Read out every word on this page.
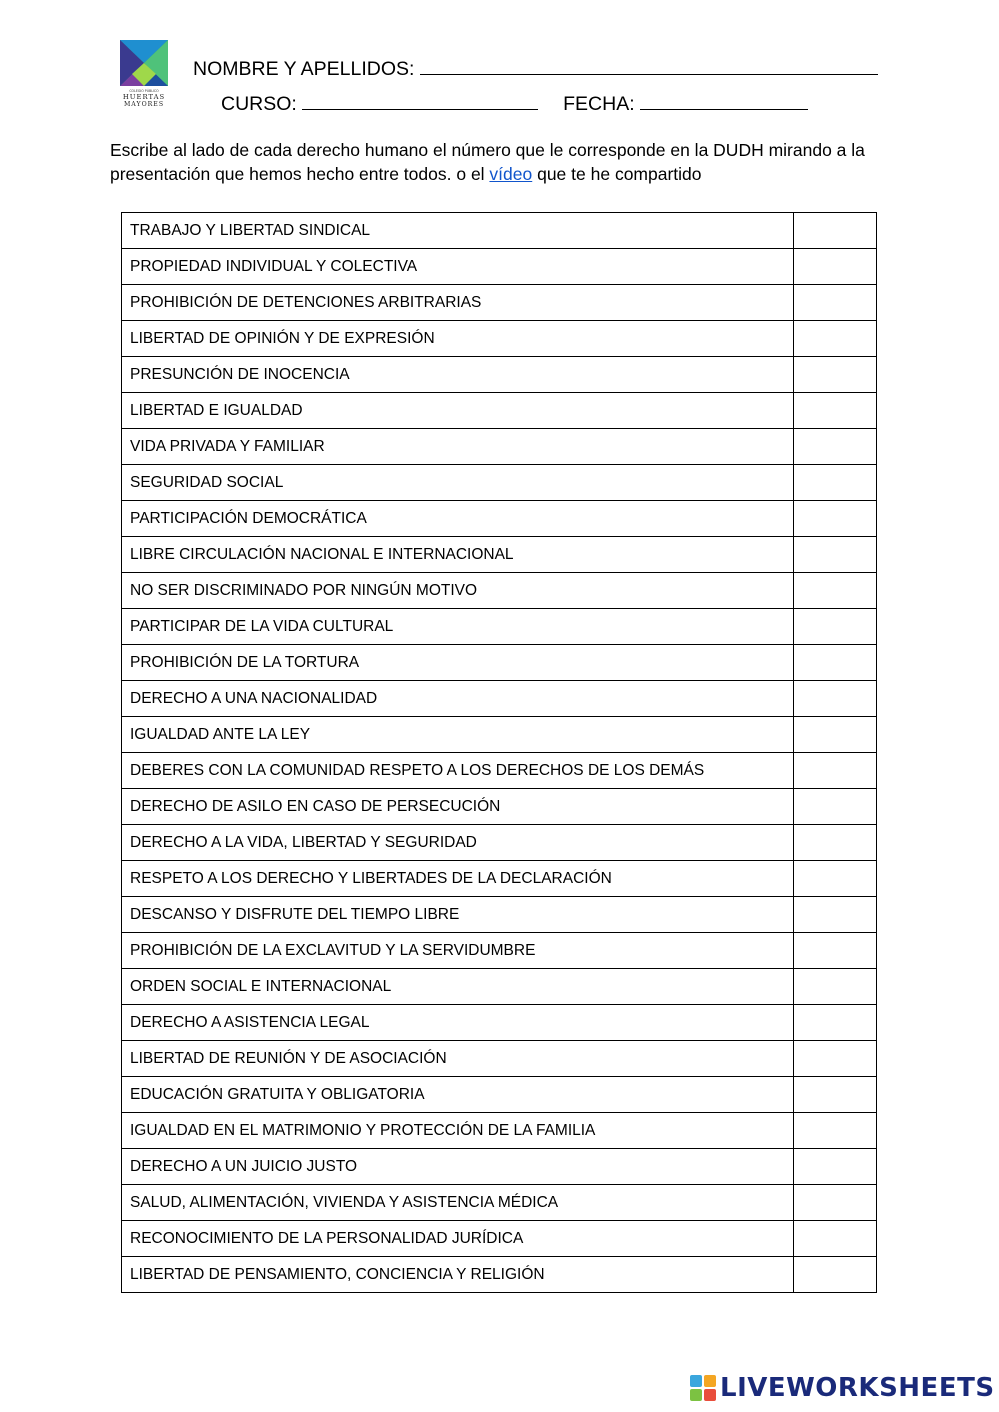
COLEGIO PÚBLICO
HUERTAS
MAYORES
NOMBRE Y APELLIDOS:
CURSO:	FECHA:
Escribe al lado de cada derecho humano el número que le corresponde en la DUDH mirando a la presentación que hemos hecho entre todos. o el vídeo que te he compartido
TRABAJO Y LIBERTAD SINDICAL	
PROPIEDAD INDIVIDUAL Y COLECTIVA	
PROHIBICIÓN DE DETENCIONES ARBITRARIAS	
LIBERTAD DE OPINIÓN Y DE EXPRESIÓN	
PRESUNCIÓN DE INOCENCIA	
LIBERTAD E IGUALDAD	
VIDA PRIVADA Y FAMILIAR	
SEGURIDAD SOCIAL	
PARTICIPACIÓN DEMOCRÁTICA	
LIBRE CIRCULACIÓN NACIONAL E INTERNACIONAL	
NO SER DISCRIMINADO POR NINGÚN MOTIVO	
PARTICIPAR DE LA VIDA CULTURAL	
PROHIBICIÓN DE LA TORTURA	
DERECHO A UNA NACIONALIDAD	
IGUALDAD ANTE LA LEY	
DEBERES CON LA COMUNIDAD RESPETO A LOS DERECHOS DE LOS DEMÁS	
DERECHO DE ASILO EN CASO DE PERSECUCIÓN	
DERECHO A LA VIDA, LIBERTAD Y SEGURIDAD	
RESPETO A LOS DERECHO Y LIBERTADES DE LA DECLARACIÓN	
DESCANSO Y DISFRUTE DEL TIEMPO LIBRE	
PROHIBICIÓN DE LA EXCLAVITUD Y LA SERVIDUMBRE	
ORDEN SOCIAL E INTERNACIONAL	
DERECHO A ASISTENCIA LEGAL	
LIBERTAD DE REUNIÓN Y DE ASOCIACIÓN	
EDUCACIÓN GRATUITA Y OBLIGATORIA	
IGUALDAD EN EL MATRIMONIO Y PROTECCIÓN DE LA FAMILIA	
DERECHO A UN JUICIO JUSTO	
SALUD, ALIMENTACIÓN, VIVIENDA Y ASISTENCIA MÉDICA	
RECONOCIMIENTO DE LA PERSONALIDAD JURÍDICA	
LIBERTAD DE PENSAMIENTO, CONCIENCIA Y RELIGIÓN	
LIVEWORKSHEETS
